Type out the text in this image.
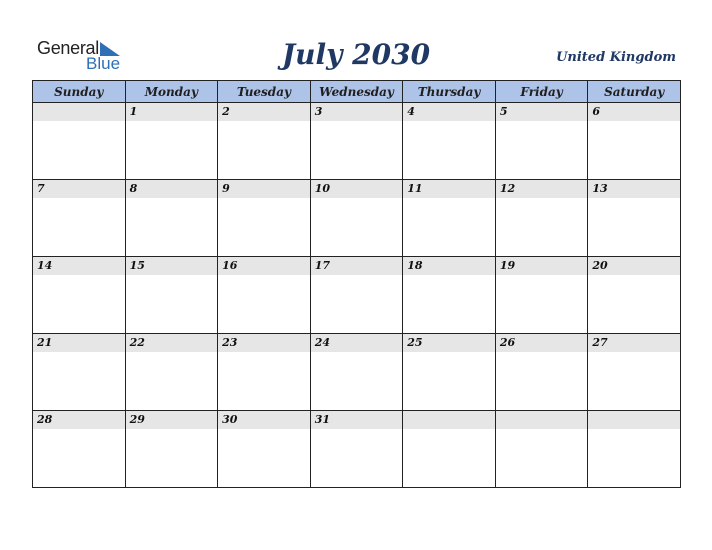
General
Blue	July 2030	United Kingdom
Sunday	Monday	Tuesday	Wednesday	Thursday	Friday	Saturday

	1	2	3	4	5	6

7	8	9	10	11	12	13

14	15	16	17	18	19	20

21	22	23	24	25	26	27

28	29	30	31			
